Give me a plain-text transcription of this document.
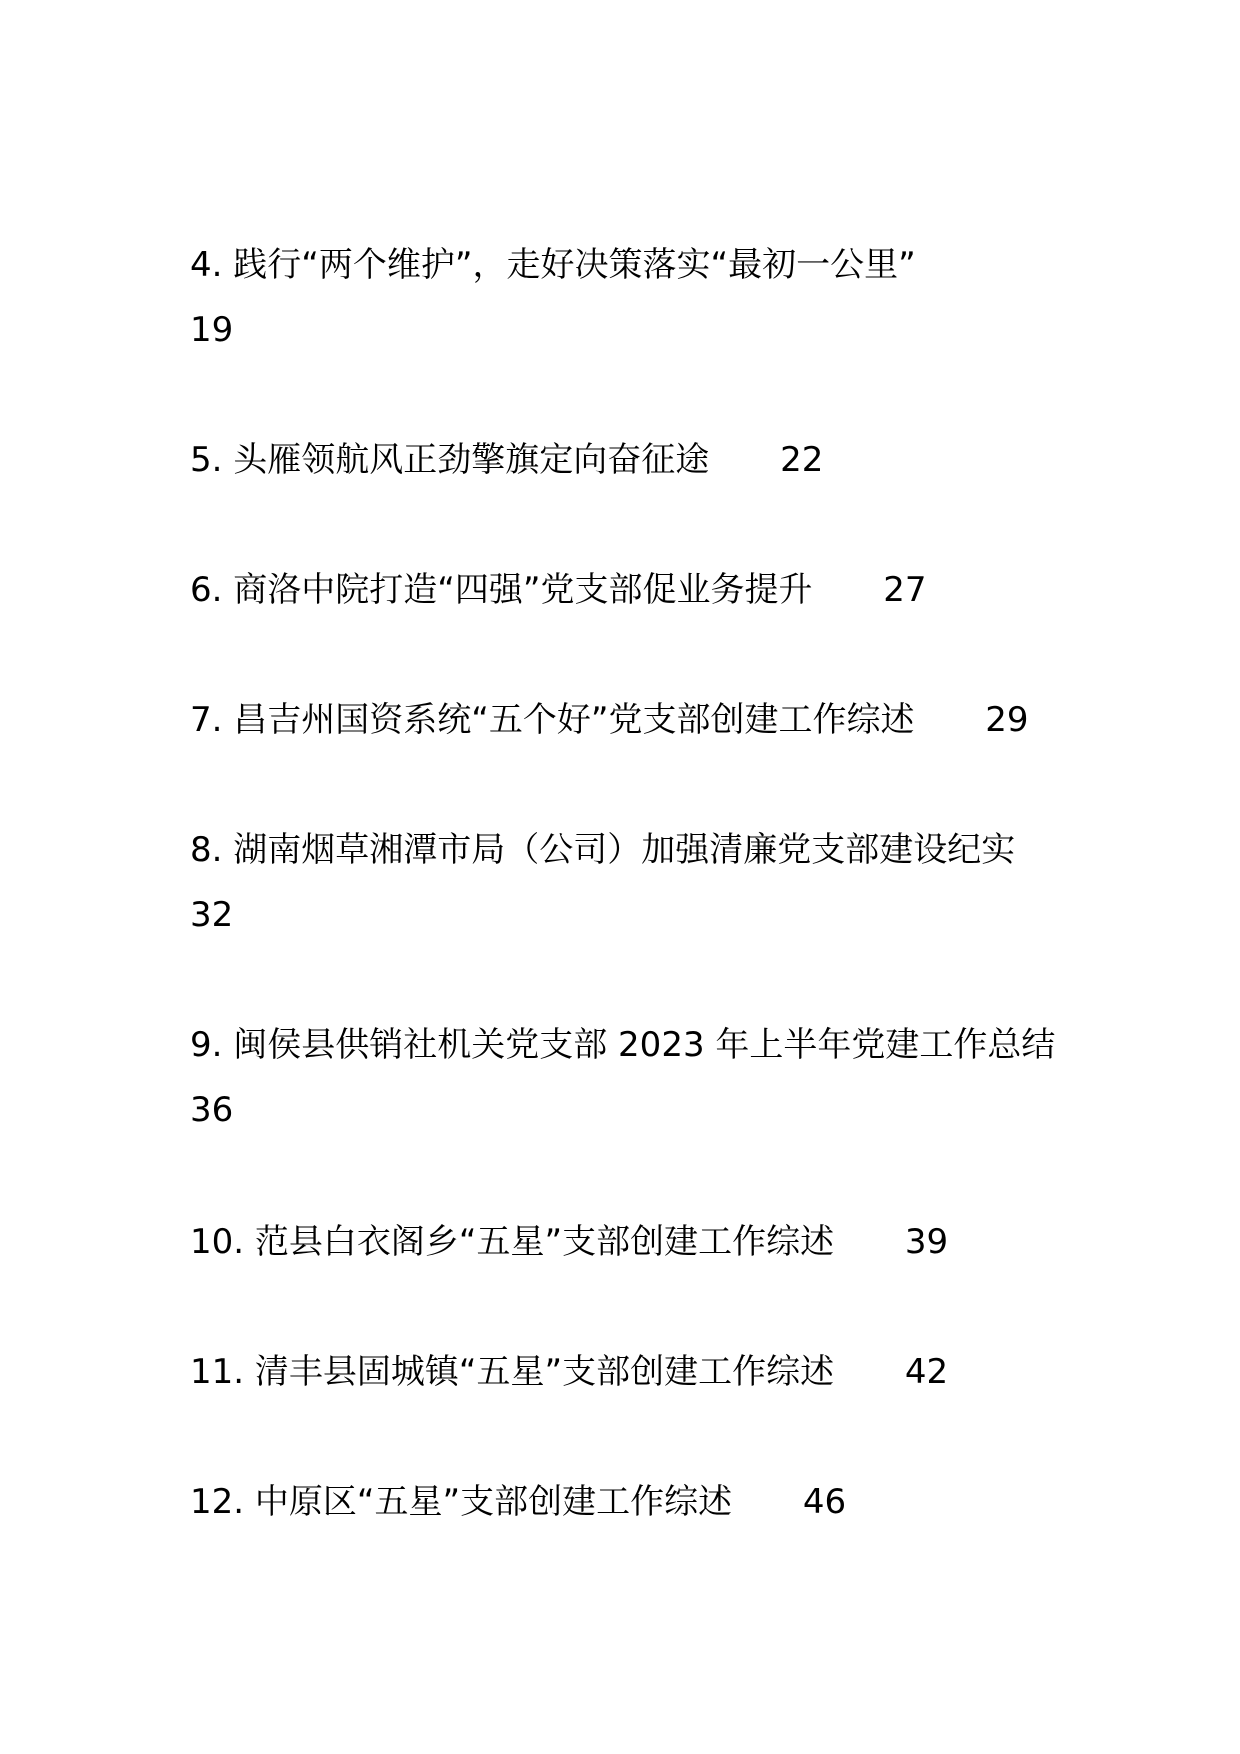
4. 践行“两个维护”，走好决策落实“最初一公里”
19
5. 头雁领航风正劲擎旗定向奋征途 22
6. 商洛中院打造“四强”党支部促业务提升 27
7. 昌吉州国资系统“五个好”党支部创建工作综述 29
8. 湖南烟草湘潭市局（公司）加强清廉党支部建设纪实
32
9. 闽侯县供销社机关党支部 2023 年上半年党建工作总结
36
10. 范县白衣阁乡“五星”支部创建工作综述 39
11. 清丰县固城镇“五星”支部创建工作综述 42
12. 中原区“五星”支部创建工作综述 46
